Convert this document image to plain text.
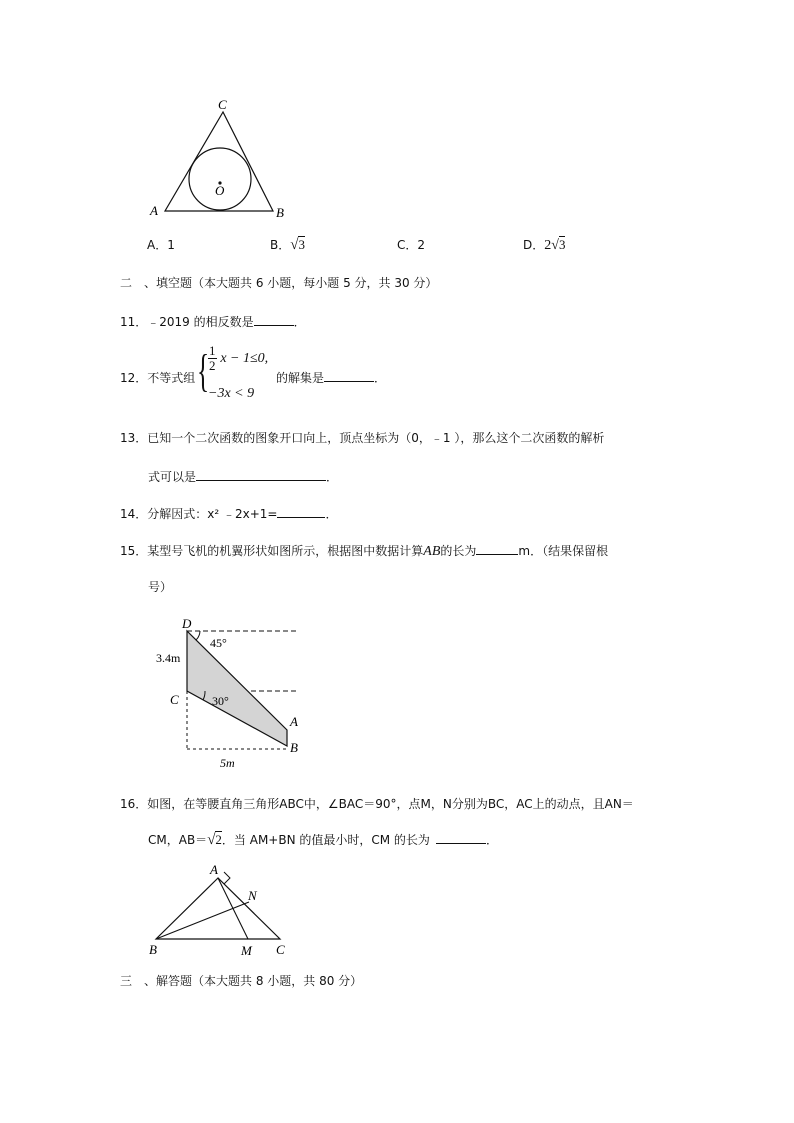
C
A	B
O
A．1	B．√3	C．2	D．2√3
二　、填空题（本大题共 6 小题，每小题 5 分，共 30 分）
11．﹣2019 的相反数是	．
12．不等式组 {
$\frac{1}{2}$ x − 1≤0,
−3x < 9
的解集是	．
13．已知一个二次函数的图象开口向上，顶点坐标为（0，﹣1 ），那么这个二次函数的解析
式可以是	．
14．分解因式：x² ﹣2x+1=	．
15．某型号飞机的机翼形状如图所示，根据图中数据计算AB的长为	m．（结果保留根
号）
D
C
A
B
3.4m
45°
30°
5m
16．如图，在等腰直角三角形ABC中，∠BAC＝90°，点M，N分别为BC，AC上的动点，且AN＝
CM，AB＝√2．当 AM+BN 的值最小时，CM 的长为	．
A
N
B	M C
三　、解答题（本大题共 8 小题，共 80 分）
